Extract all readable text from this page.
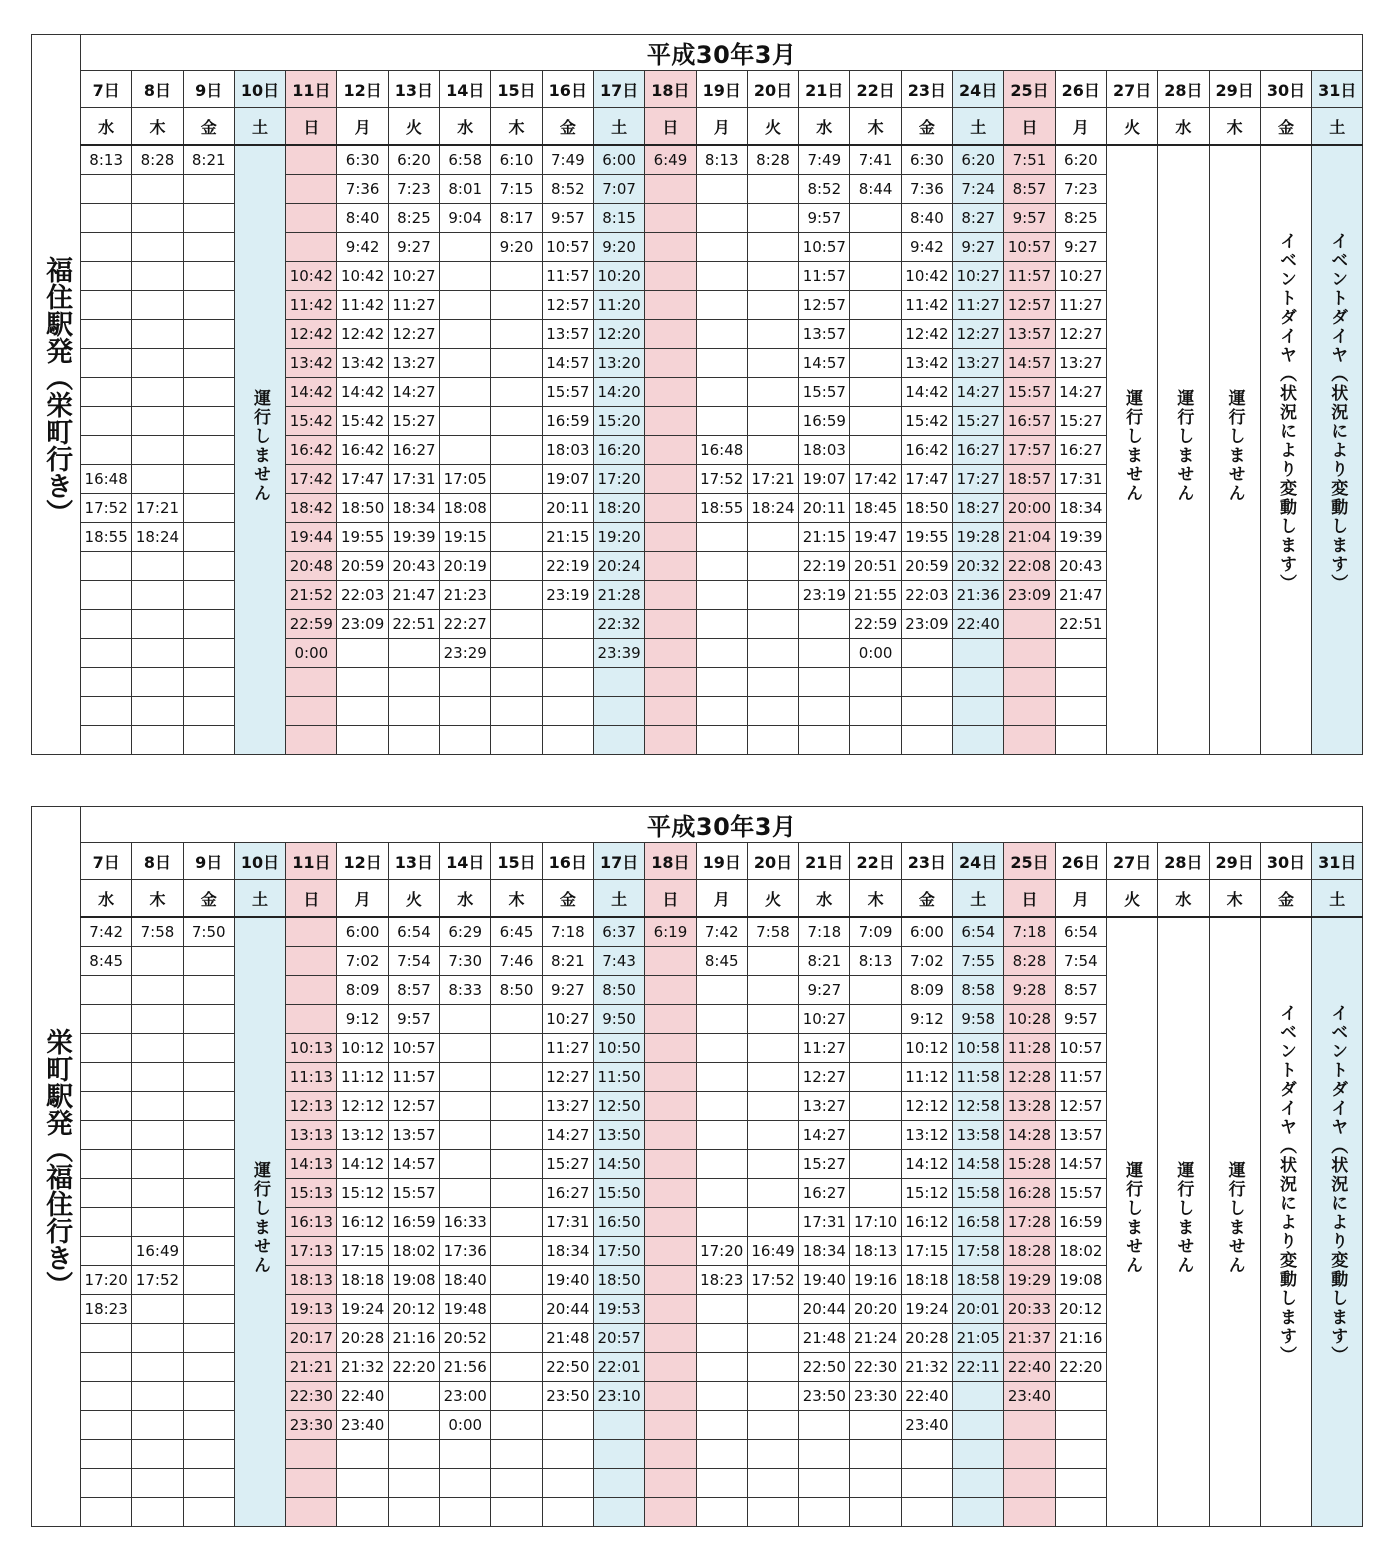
福住駅発（栄町行き）	平成30年3月																								
	7日	8日	9日	10日	11日	12日	13日	14日	15日	16日	17日	18日	19日	20日	21日	22日	23日	24日	25日	26日	27日	28日	29日	30日	31日
	水	木	金	土	日	月	火	水	木	金	土	日	月	火	水	木	金	土	日	月	火	水	木	金	土
	8:13	8:28	8:21	運行しません		6:30	6:20	6:58	6:10	7:49	6:00	6:49	8:13	8:28	7:49	7:41	6:30	6:20	7:51	6:20	運行しません	運行しません	運行しません	イベントダイヤ（状況により変動します）	イベントダイヤ（状況により変動します）
						7:36	7:23	8:01	7:15	8:52	7:07				8:52	8:44	7:36	7:24	8:57	7:23					
						8:40	8:25	9:04	8:17	9:57	8:15				9:57		8:40	8:27	9:57	8:25					
						9:42	9:27		9:20	10:57	9:20				10:57		9:42	9:27	10:57	9:27					
					10:42	10:42	10:27			11:57	10:20				11:57		10:42	10:27	11:57	10:27					
					11:42	11:42	11:27			12:57	11:20				12:57		11:42	11:27	12:57	11:27					
					12:42	12:42	12:27			13:57	12:20				13:57		12:42	12:27	13:57	12:27					
					13:42	13:42	13:27			14:57	13:20				14:57		13:42	13:27	14:57	13:27					
					14:42	14:42	14:27			15:57	14:20				15:57		14:42	14:27	15:57	14:27					
					15:42	15:42	15:27			16:59	15:20				16:59		15:42	15:27	16:57	15:27					
					16:42	16:42	16:27			18:03	16:20		16:48		18:03		16:42	16:27	17:57	16:27					
	16:48				17:42	17:47	17:31	17:05		19:07	17:20		17:52	17:21	19:07	17:42	17:47	17:27	18:57	17:31					
	17:52	17:21			18:42	18:50	18:34	18:08		20:11	18:20		18:55	18:24	20:11	18:45	18:50	18:27	20:00	18:34					
	18:55	18:24			19:44	19:55	19:39	19:15		21:15	19:20				21:15	19:47	19:55	19:28	21:04	19:39					
					20:48	20:59	20:43	20:19		22:19	20:24				22:19	20:51	20:59	20:32	22:08	20:43					
					21:52	22:03	21:47	21:23		23:19	21:28				23:19	21:55	22:03	21:36	23:09	21:47					
					22:59	23:09	22:51	22:27			22:32					22:59	23:09	22:40		22:51					
					0:00			23:29			23:39					0:00									

栄町駅発（福住行き）	平成30年3月																								
	7日	8日	9日	10日	11日	12日	13日	14日	15日	16日	17日	18日	19日	20日	21日	22日	23日	24日	25日	26日	27日	28日	29日	30日	31日
	水	木	金	土	日	月	火	水	木	金	土	日	月	火	水	木	金	土	日	月	火	水	木	金	土
	7:42	7:58	7:50	運行しません		6:00	6:54	6:29	6:45	7:18	6:37	6:19	7:42	7:58	7:18	7:09	6:00	6:54	7:18	6:54	運行しません	運行しません	運行しません	イベントダイヤ（状況により変動します）	イベントダイヤ（状況により変動します）
	8:45					7:02	7:54	7:30	7:46	8:21	7:43		8:45		8:21	8:13	7:02	7:55	8:28	7:54					
						8:09	8:57	8:33	8:50	9:27	8:50				9:27		8:09	8:58	9:28	8:57					
						9:12	9:57			10:27	9:50				10:27		9:12	9:58	10:28	9:57					
					10:13	10:12	10:57			11:27	10:50				11:27		10:12	10:58	11:28	10:57					
					11:13	11:12	11:57			12:27	11:50				12:27		11:12	11:58	12:28	11:57					
					12:13	12:12	12:57			13:27	12:50				13:27		12:12	12:58	13:28	12:57					
					13:13	13:12	13:57			14:27	13:50				14:27		13:12	13:58	14:28	13:57					
					14:13	14:12	14:57			15:27	14:50				15:27		14:12	14:58	15:28	14:57					
					15:13	15:12	15:57			16:27	15:50				16:27		15:12	15:58	16:28	15:57					
					16:13	16:12	16:59	16:33		17:31	16:50				17:31	17:10	16:12	16:58	17:28	16:59					
		16:49			17:13	17:15	18:02	17:36		18:34	17:50		17:20	16:49	18:34	18:13	17:15	17:58	18:28	18:02					
	17:20	17:52			18:13	18:18	19:08	18:40		19:40	18:50		18:23	17:52	19:40	19:16	18:18	18:58	19:29	19:08					
	18:23				19:13	19:24	20:12	19:48		20:44	19:53				20:44	20:20	19:24	20:01	20:33	20:12					
					20:17	20:28	21:16	20:52		21:48	20:57				21:48	21:24	20:28	21:05	21:37	21:16					
					21:21	21:32	22:20	21:56		22:50	22:01				22:50	22:30	21:32	22:11	22:40	22:20					
					22:30	22:40		23:00		23:50	23:10				23:50	23:30	22:40		23:40						
					23:30	23:40		0:00									23:40								
